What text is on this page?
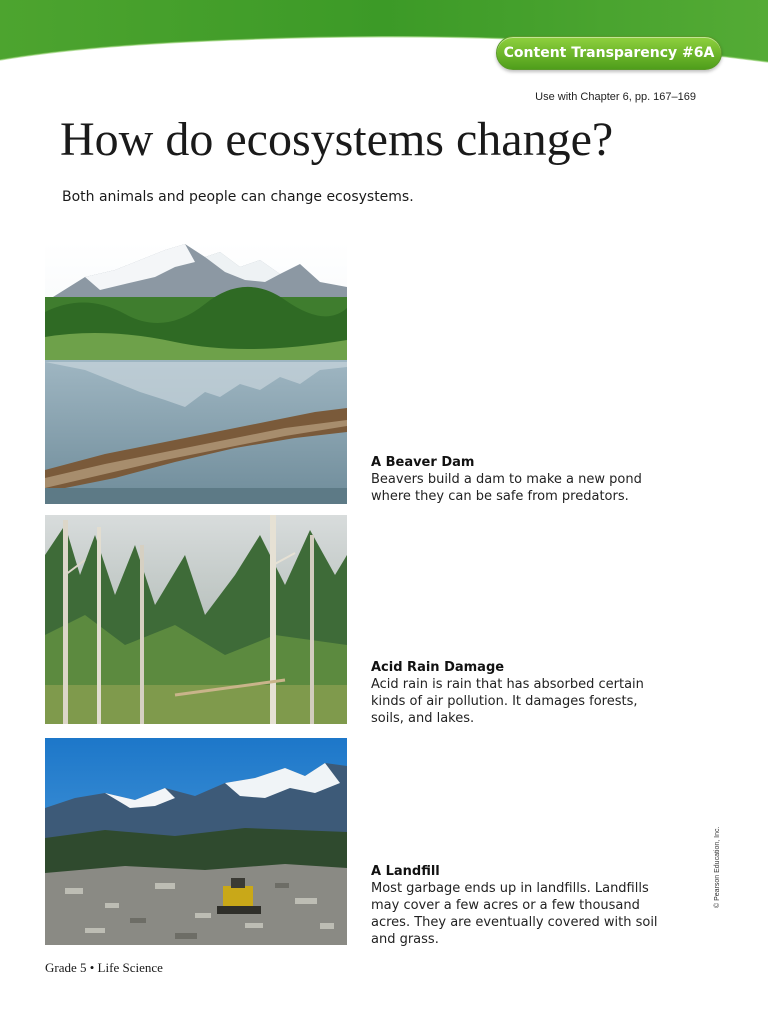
Content Transparency #6A
Use with Chapter 6, pp. 167–169
How do ecosystems change?

Both animals and people can change ecosystems.

A Beaver Dam

Beavers build a dam to make a new pond where they can be safe from predators.

Acid Rain Damage

Acid rain is rain that has absorbed certain kinds of air pollution. It damages forests, soils, and lakes.

A Landfill

Most garbage ends up in landfills. Landfills may cover a few acres or a few thousand acres. They are eventually covered with soil and grass.

© Pearson Education, Inc.
Grade 5 • Life Science
